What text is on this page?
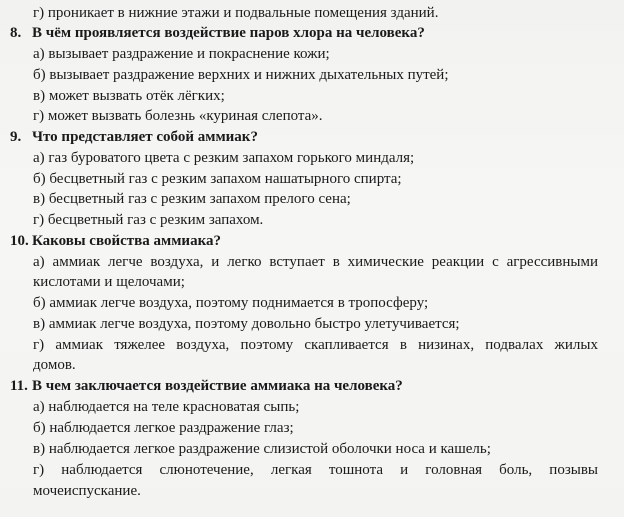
г) проникает в нижние этажи и подвальные помещения зданий.
8. В чём проявляется воздействие паров хлора на человека?
а) вызывает раздражение и покраснение кожи;
б) вызывает раздражение верхних и нижних дыхательных путей;
в) может вызвать отёк лёгких;
г) может вызвать болезнь «куриная слепота».
9. Что представляет собой аммиак?
а) газ буроватого цвета с резким запахом горького миндаля;
б) бесцветный газ с резким запахом нашатырного спирта;
в) бесцветный газ с резким запахом прелого сена;
г) бесцветный газ с резким запахом.
10. Каковы свойства аммиака?
а) аммиак легче воздуха, и легко вступает в химические реакции с агрессивными
кислотами и щелочами;
б) аммиак легче воздуха, поэтому поднимается в тропосферу;
в) аммиак легче воздуха, поэтому довольно быстро улетучивается;
г) аммиак тяжелее воздуха, поэтому скапливается в низинах, подвалах жилых
домов.
11. В чем заключается воздействие аммиака на человека?
а) наблюдается на теле красноватая сыпь;
б) наблюдается легкое раздражение глаз;
в) наблюдается легкое раздражение слизистой оболочки носа и кашель;
г) наблюдается слюнотечение, легкая тошнота и головная боль, позывы
мочеиспускание.
